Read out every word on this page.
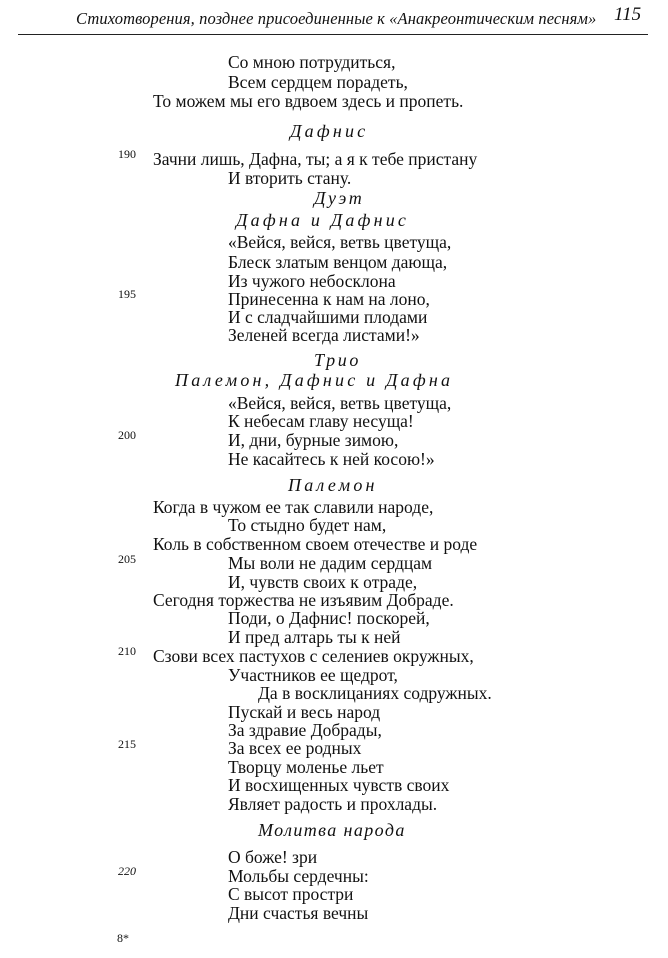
Стихотворения, позднее присоединенные к «Анакреонтическим песням» 115
Со мною потрудиться,
Всем сердцем порадеть,
То можем мы его вдвоем здесь и пропеть.
Дафнис
Зачни лишь, Дафна, ты; а я к тебе пристану
И вторить стану.
Дуэт
Дафна и Дафнис
«Вейся, вейся, ветвь цветуща,
Блеск златым венцом дающа,
Из чужого небосклона
Принесенна к нам на лоно,
И с сладчайшими плодами
Зеленей всегда листами!»
Трио
Палемон, Дафнис и Дафна
«Вейся, вейся, ветвь цветуща,
К небесам главу несуща!
И, дни, бурные зимою,
Не касайтесь к ней косою!»
Палемон
Когда в чужом ее так славили народе,
То стыдно будет нам,
Коль в собственном своем отечестве и роде
Мы воли не дадим сердцам
И, чувств своих к отраде,
Сегодня торжества не изъявим Добраде.
Поди, о Дафнис! поскорей,
И пред алтарь ты к ней
Сзови всех пастухов с селениев окружных,
Участников ее щедрот,
Да в восклицаниях содружных.
Пускай и весь народ
За здравие Добрады,
За всех ее родных
Творцу моленье льет
И восхищенных чувств своих
Являет радость и прохлады.
Молитва народа
О боже! зри
Мольбы сердечны:
С высот простри
Дни счастья вечны
190
195
200
205
210
215
220
8*
